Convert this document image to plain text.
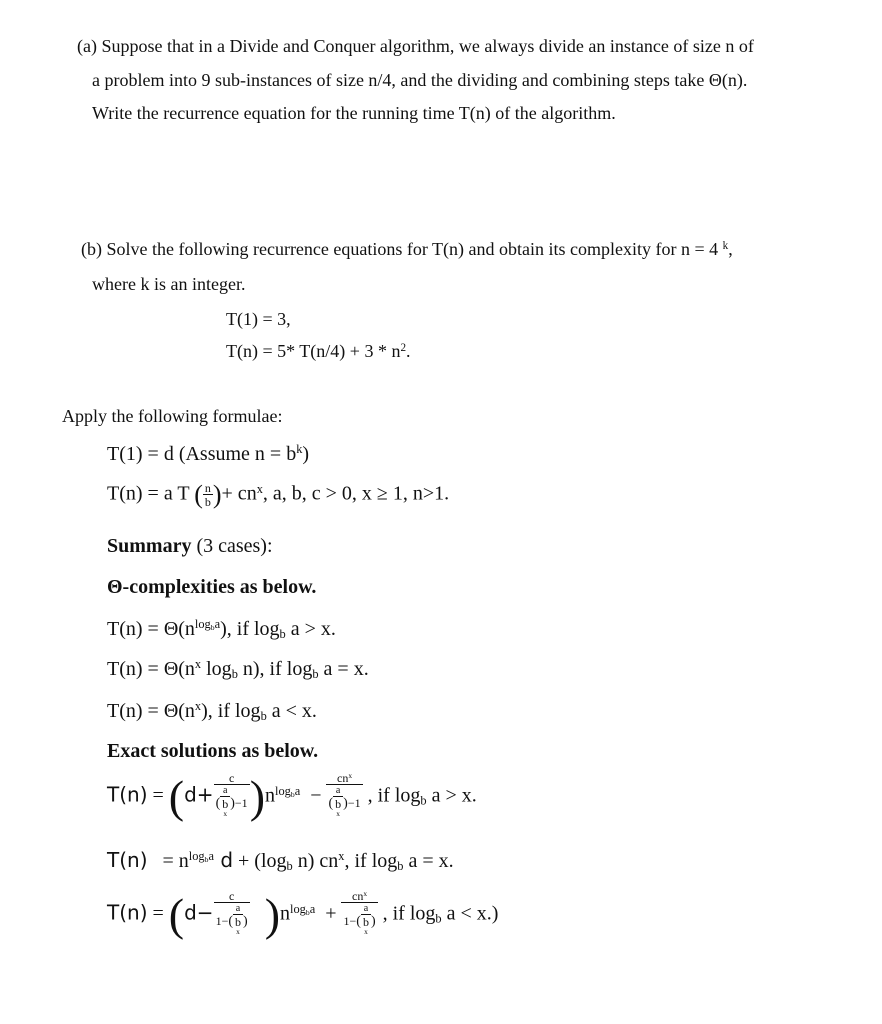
(a) Suppose that in a Divide and Conquer algorithm, we always divide an instance of size n of
a problem into 9 sub-instances of size n/4, and the dividing and combining steps take Θ(n).
Write the recurrence equation for the running time T(n) of the algorithm.
(b) Solve the following recurrence equations for T(n) and obtain its complexity for n = 4 $^k$,
where k is an integer.
T(1) = 3,
T(n) = 5* $T(n/4) + 3 * n^2$.
Apply the following formulae:
T(1) = d (Assume $n = b^k$)
T(n) = a T ( $\frac{n}{b}$ )+ $cn^x$, a, b, c > 0, x ≥ 1, n>1.
Summary (3 cases):
Θ-complexities as below.
$T(n) = \Theta(n^{log_ba})$, if $\log_b a > x$.
$T(n) = \Theta(n^x$ $\log_b n$), if $\log_b a = x$.
$T(n) = \Theta(n^x)$, if $\log_b a < x$.
Exact solutions as below.
T(n) = (d+ c
(
a
b
$^x$
)−1 )$n^{log_ba} - cn^x$
(
a
b
$^x$
)−1 , if $\log_b a > x$.
$T(n) = n^{log_ba}$ $d + (\log_b$ n) $cn^x$, if $\log_b a = x$.
T(n) = (d− c
1−(
a
b
$^x$
) )$n^{log_ba} + cn^x$
1−(
a
b
$^x$
) , if $\log_b a < x$.)
